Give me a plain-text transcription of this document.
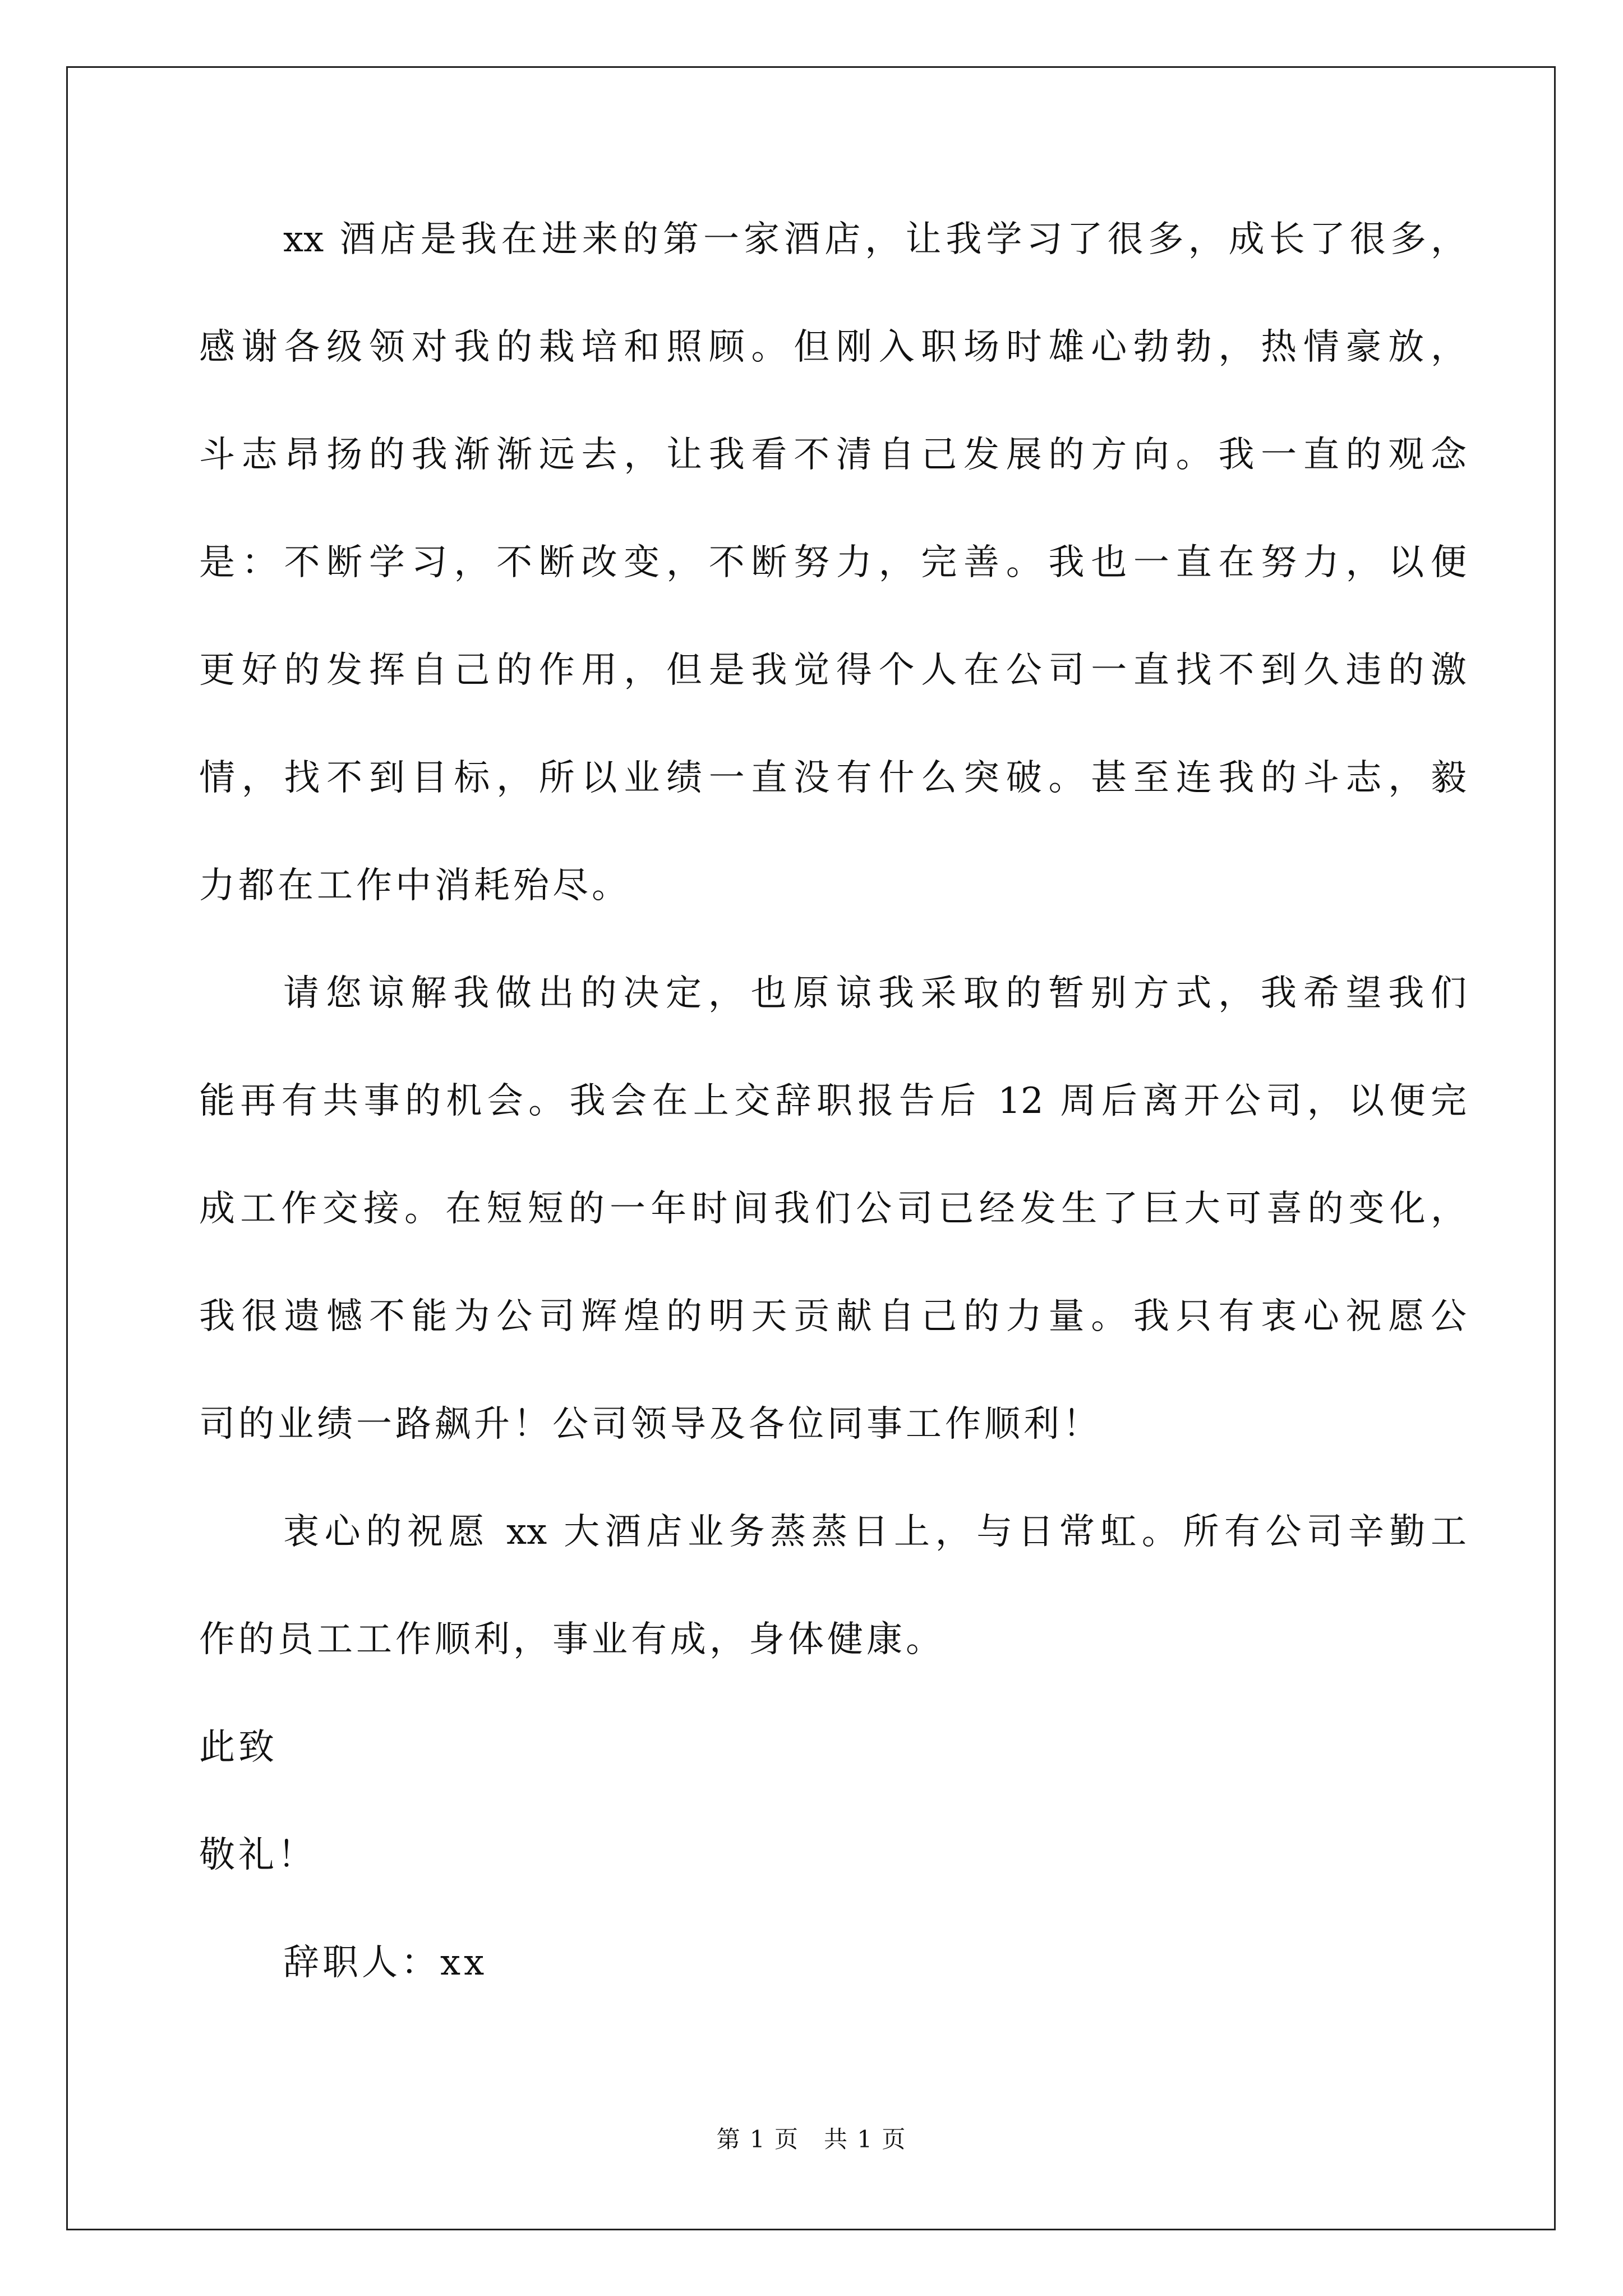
xx 酒店是我在进来的第一家酒店，让我学习了很多，成长了很多，
感谢各级领对我的栽培和照顾。但刚入职场时雄心勃勃，热情豪放，
斗志昂扬的我渐渐远去，让我看不清自己发展的方向。我一直的观念
是：不断学习，不断改变，不断努力，完善。我也一直在努力，以便
更好的发挥自己的作用，但是我觉得个人在公司一直找不到久违的激
情，找不到目标，所以业绩一直没有什么突破。甚至连我的斗志，毅
力都在工作中消耗殆尽。
请您谅解我做出的决定，也原谅我采取的暂别方式，我希望我们
能再有共事的机会。我会在上交辞职报告后 12 周后离开公司，以便完
成工作交接。在短短的一年时间我们公司已经发生了巨大可喜的变化，
我很遗憾不能为公司辉煌的明天贡献自己的力量。我只有衷心祝愿公
司的业绩一路飙升！公司领导及各位同事工作顺利！
衷心的祝愿 xx 大酒店业务蒸蒸日上，与日常虹。所有公司辛勤工
作的员工工作顺利，事业有成，身体健康。
此致
敬礼！
辞职人：xx
第 1 页　共 1 页
